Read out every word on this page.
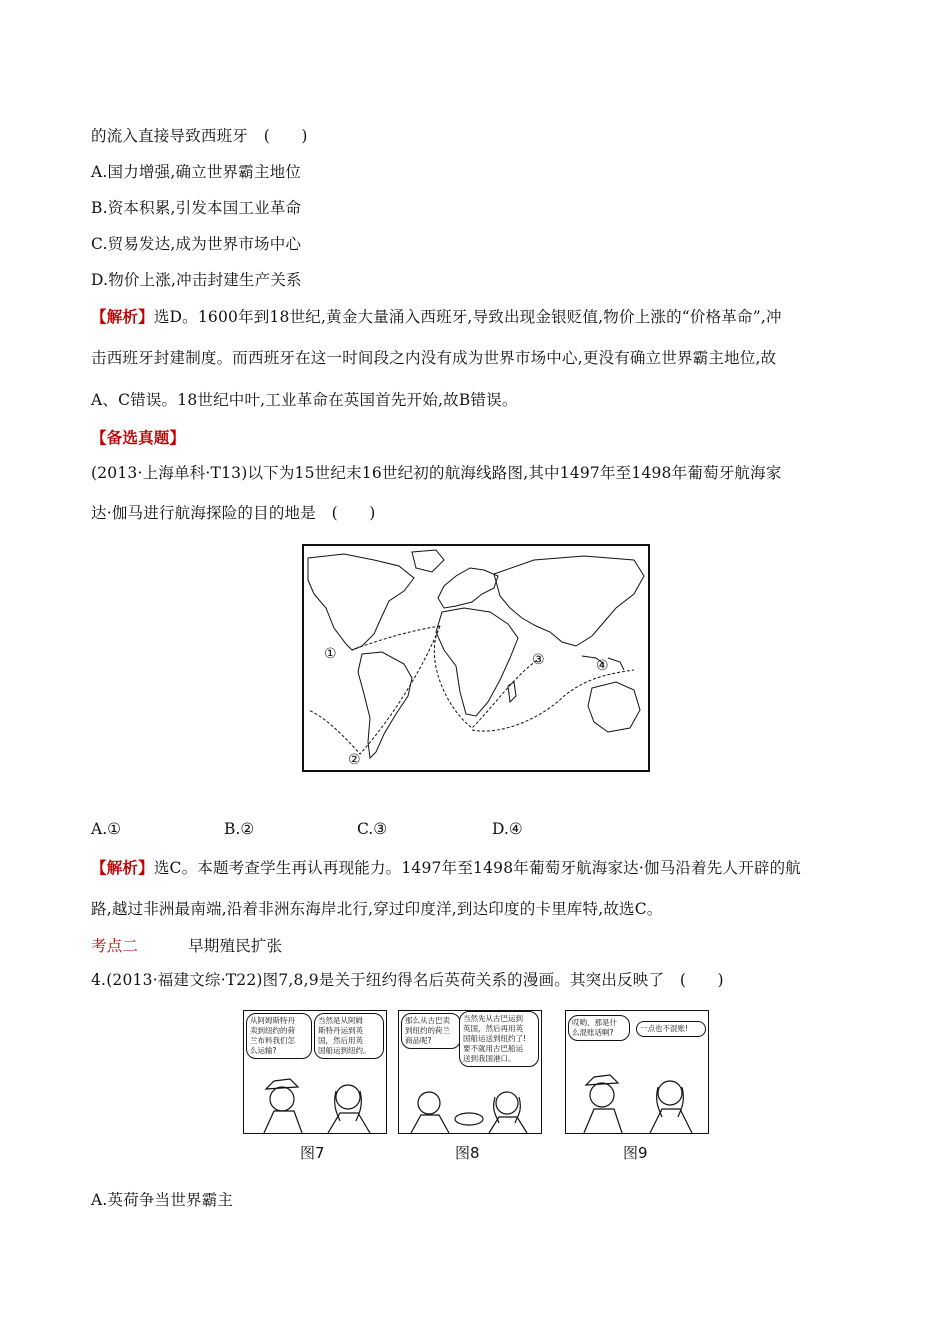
的流入直接导致西班牙　(　　)
A.国力增强,确立世界霸主地位
B.资本积累,引发本国工业革命
C.贸易发达,成为世界市场中心
D.物价上涨,冲击封建生产关系
【解析】选D。1600年到18世纪,黄金大量涌入西班牙,导致出现金银贬值,物价上涨的“价格革命”,冲
击西班牙封建制度。而西班牙在这一时间段之内没有成为世界市场中心,更没有确立世界霸主地位,故
A、C错误。18世纪中叶,工业革命在英国首先开始,故B错误。
【备选真题】
(2013·上海单科·T13)以下为15世纪末16世纪初的航海线路图,其中1497年至1498年葡萄牙航海家
达·伽马进行航海探险的目的地是　(　　)
①
②
③	④
A.①	B.②	C.③	D.④
【解析】选C。本题考查学生再认再现能力。1497年至1498年葡萄牙航海家达·伽马沿着先人开辟的航
路,越过非洲最南端,沿着非洲东海岸北行,穿过印度洋,到达印度的卡里库特,故选C。
考点二	早期殖民扩张
4.(2013·福建文综·T22)图7,8,9是关于纽约得名后英荷关系的漫画。其突出反映了　(　　)
从阿姆斯特丹
卖到纽约的荷
兰布料我们怎
么运输?
当然是从阿姆
斯特丹运到英
国，然后用英
国船运到纽约。
那么从古巴卖
到纽约的荷兰
商品呢?
当然先从古巴运到
英国，然后再用英
国船运送到纽约了!
要不就用古巴船运
送到我国港口。
哎哟，那是什
么混账话啊?	一点也不混账!
图7	图8	图9
A.英荷争当世界霸主
